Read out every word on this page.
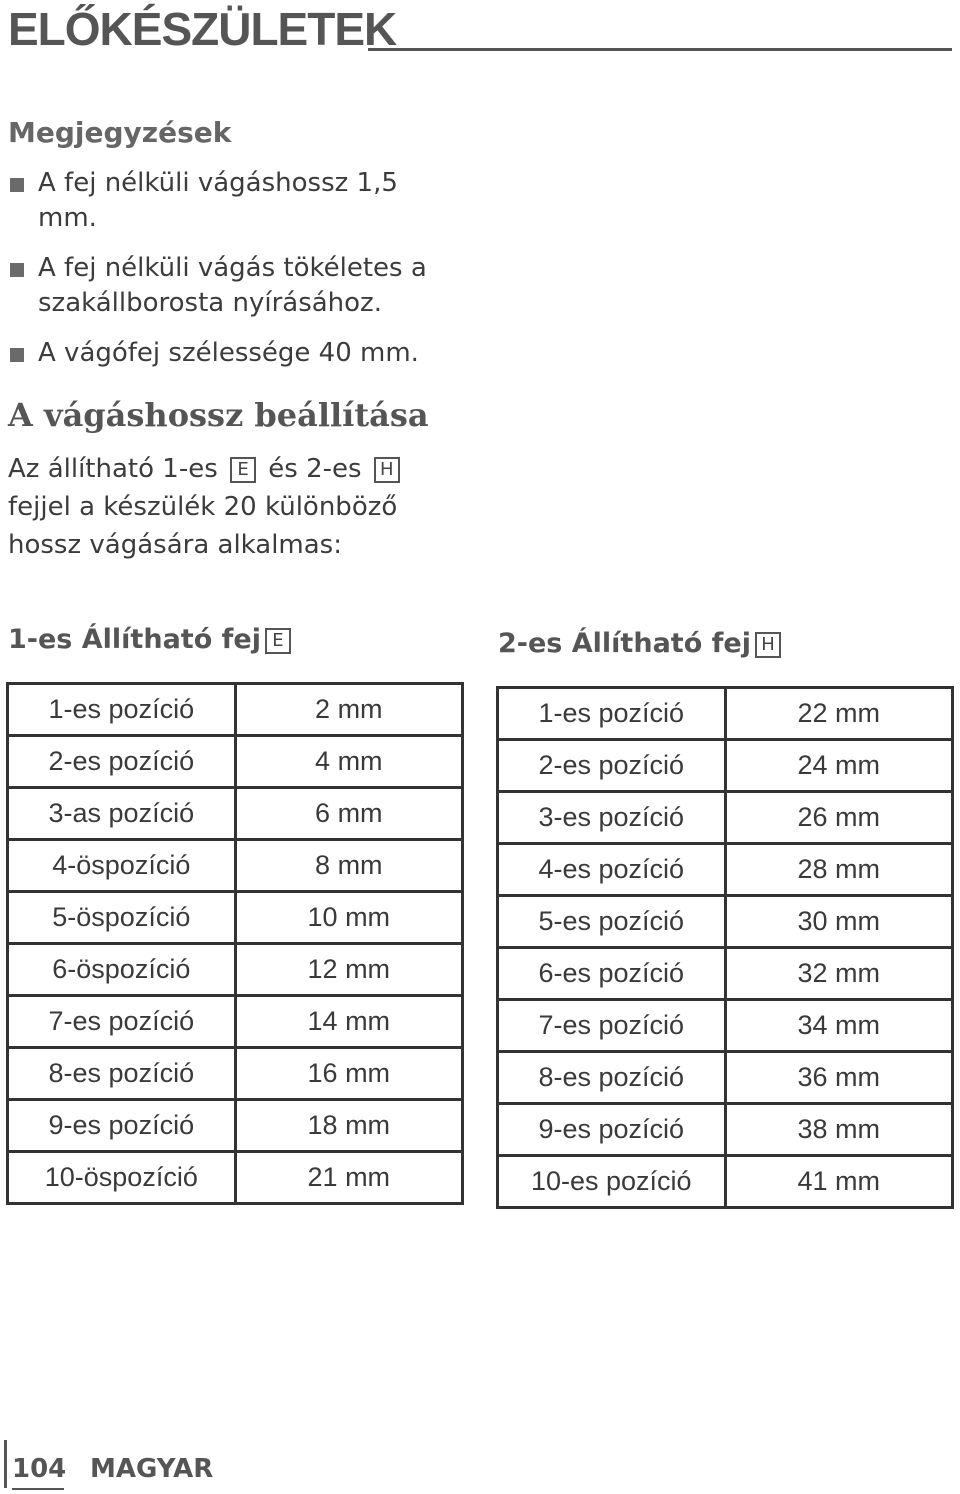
ELŐKÉSZÜLETEK
Megjegyzések
A fej nélküli vágáshossz 1,5 mm.
A fej nélküli vágás tökéletes a szakállborosta nyírásához.
A vágófej szélessége 40 mm.
A vágáshossz beállítása
Az állítható 1-es E és 2-es H fejjel a készülék 20 különböző hossz vágására alkalmas:
1-es Állítható fej E
1-es pozíció	2 mm
2-es pozíció	4 mm
3-as pozíció	6 mm
4-öspozíció	8 mm
5-öspozíció	10 mm
6-öspozíció	12 mm
7-es pozíció	14 mm
8-es pozíció	16 mm
9-es pozíció	18 mm
10-öspozíció	21 mm
2-es Állítható fej H
1-es pozíció	22 mm
2-es pozíció	24 mm
3-es pozíció	26 mm
4-es pozíció	28 mm
5-es pozíció	30 mm
6-es pozíció	32 mm
7-es pozíció	34 mm
8-es pozíció	36 mm
9-es pozíció	38 mm
10-es pozíció	41 mm
104 MAGYAR
